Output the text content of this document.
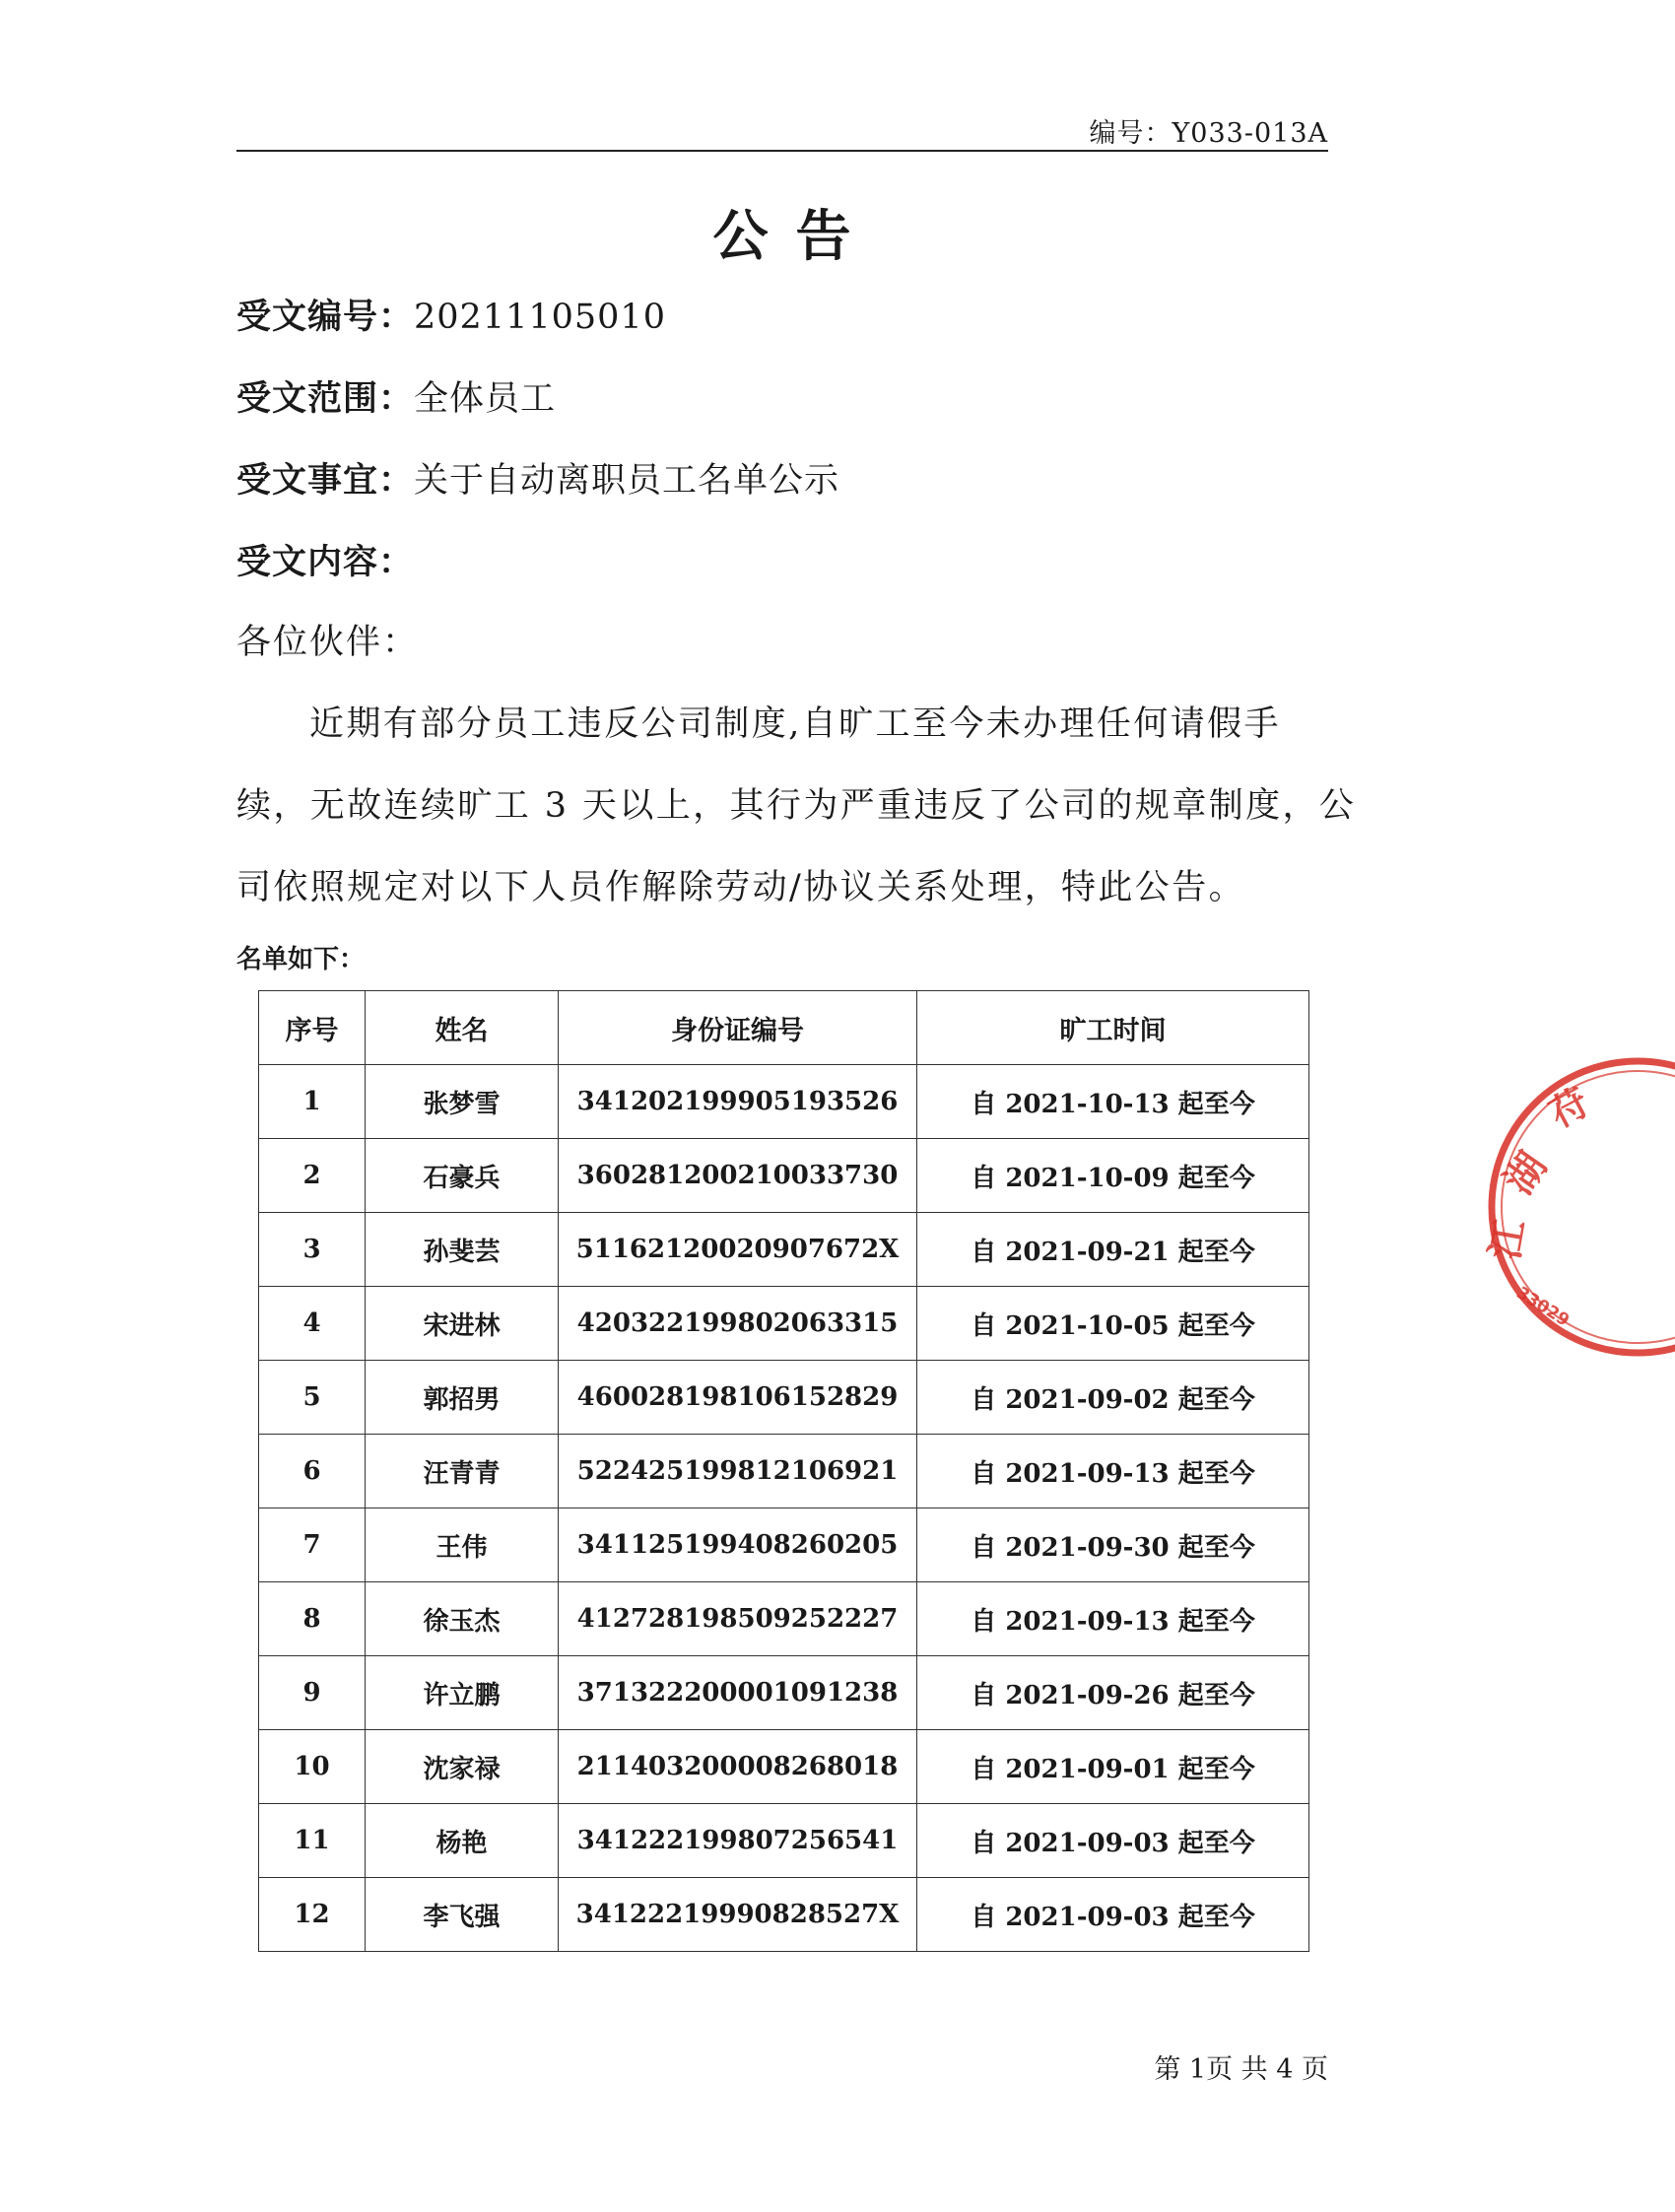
编号：Y033-013A
公告
受文编号：20211105010
受文范围：全体员工
受文事宜：关于自动离职员工名单公示
受文内容：
各位伙伴：
近期有部分员工违反公司制度,自旷工至今未办理任何请假手
续，无故连续旷工 3 天以上，其行为严重违反了公司的规章制度，公
司依照规定对以下人员作解除劳动/协议关系处理，特此公告。
名单如下：
序号	姓名	身份证编号	旷工时间
1	张梦雪	341202199905193526	自 2021-10-13 起至今
2	石豪兵	360281200210033730	自 2021-10-09 起至今
3	孙斐芸	51162120020907672X	自 2021-09-21 起至今
4	宋进林	420322199802063315	自 2021-10-05 起至今
5	郭招男	460028198106152829	自 2021-09-02 起至今
6	汪青青	522425199812106921	自 2021-09-13 起至今
7	王伟	341125199408260205	自 2021-09-30 起至今
8	徐玉杰	412728198509252227	自 2021-09-13 起至今
9	许立鹏	371322200001091238	自 2021-09-26 起至今
10	沈家禄	211403200008268018	自 2021-09-01 起至今
11	杨艳	341222199807256541	自 2021-09-03 起至今
12	李飞强	34122219990828527X	自 2021-09-03 起至今
第 1页 共 4 页
苻
湖
江
33029
